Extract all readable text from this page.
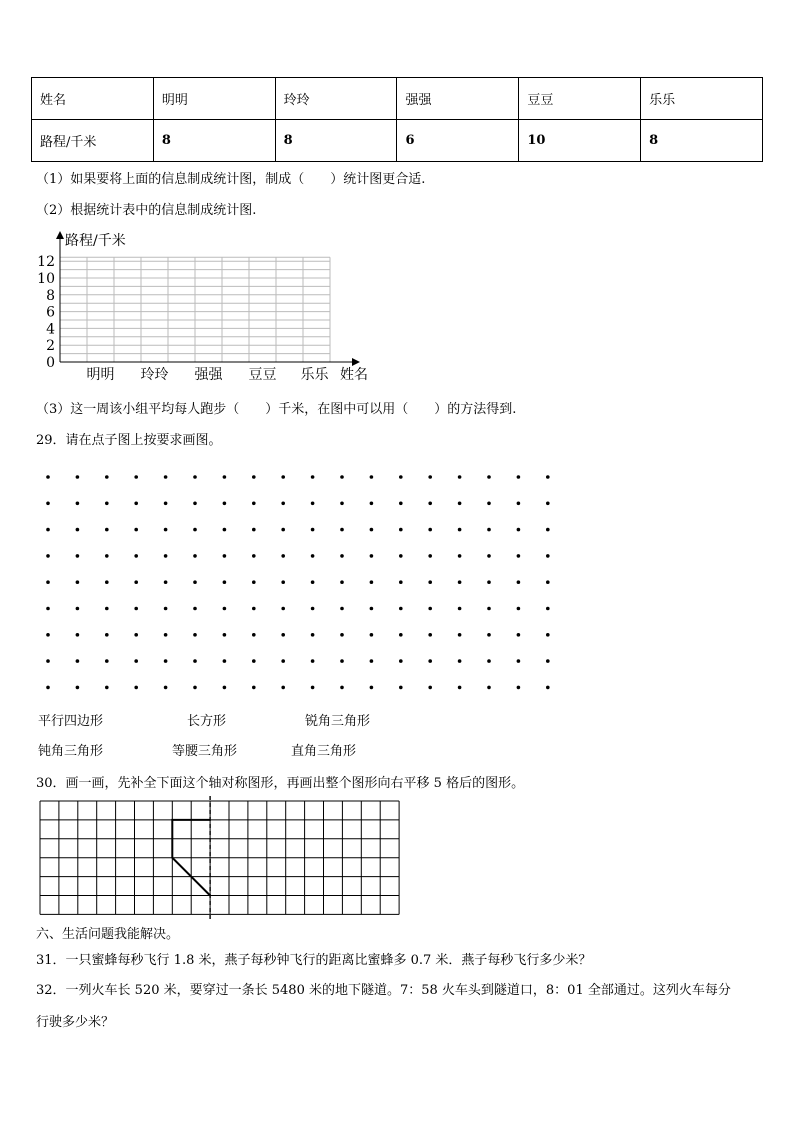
姓名	明明	玲玲	强强	豆豆	乐乐
路程/千米	8	8	6	10	8
（1）如果要将上面的信息制成统计图，制成（　　）统计图更合适.
（2）根据统计表中的信息制成统计图.
路程/千米
姓名
0
2
4
6
8
10
12
明明 玲玲 强强 豆豆 乐乐
（3）这一周该小组平均每人跑步（　　）千米，在图中可以用（　　）的方法得到.
29．请在点子图上按要求画图。
平行四边形	长方形	锐角三角形
钝角三角形	等腰三角形	直角三角形
30．画一画，先补全下面这个轴对称图形，再画出整个图形向右平移 5 格后的图形。
六、生活问题我能解决。
31．一只蜜蜂每秒飞行 1.8 米，燕子每秒钟飞行的距离比蜜蜂多 0.7 米．燕子每秒飞行多少米？
32．一列火车长 520 米，要穿过一条长 5480 米的地下隧道。7：58 火车头到隧道口，8：01 全部通过。这列火车每分
行驶多少米？
